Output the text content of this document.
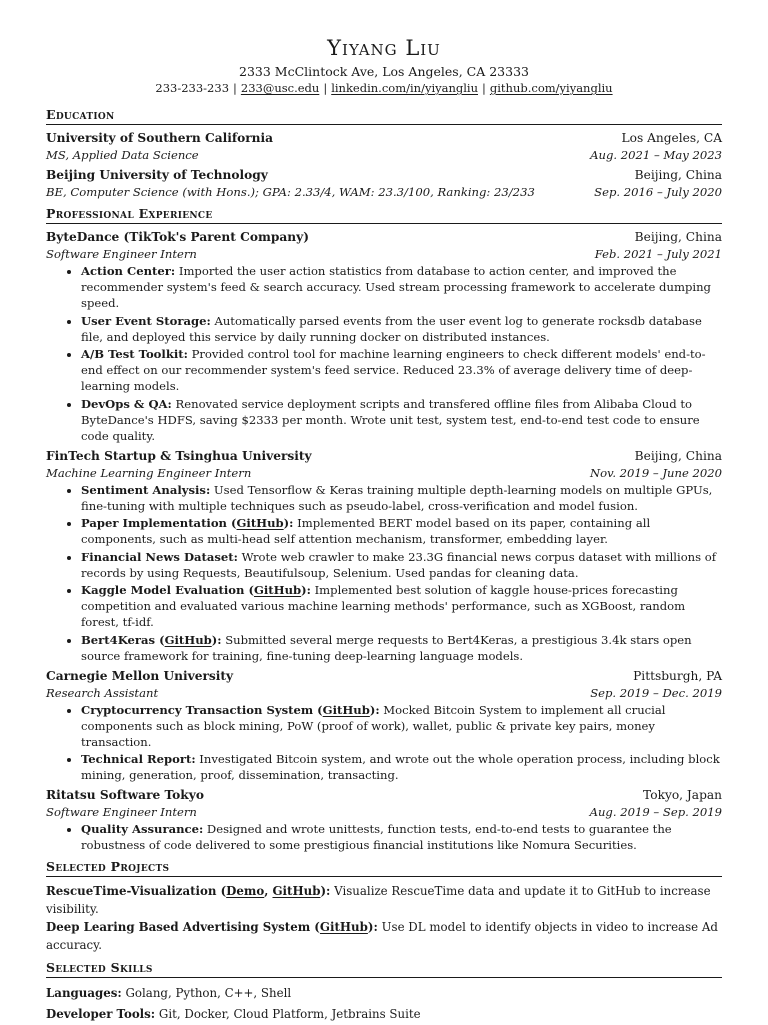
Yiyang Liu
2333 McClintock Ave, Los Angeles, CA 23333
233-233-233 | 233@usc.edu | linkedin.com/in/yiyangliu | github.com/yiyangliu
Education
University of Southern California	Los Angeles, CA
MS, Applied Data Science	Aug. 2021 – May 2023
Beijing University of Technology	Beijing, China
BE, Computer Science (with Hons.); GPA: 2.33/4, WAM: 23.3/100, Ranking: 23/233	Sep. 2016 – July 2020
Professional Experience
ByteDance (TikTok's Parent Company)	Beijing, China
Software Engineer Intern	Feb. 2021 – July 2021
• Action Center: Imported the user action statistics from database to action center, and improved the recommender system's feed & search accuracy. Used stream processing framework to accelerate dumping speed.
• User Event Storage: Automatically parsed events from the user event log to generate rocksdb database file, and deployed this service by daily running docker on distributed instances.
• A/B Test Toolkit: Provided control tool for machine learning engineers to check different models' end-to-end effect on our recommender system's feed service. Reduced 23.3% of average delivery time of deep-learning models.
• DevOps & QA: Renovated service deployment scripts and transfered offline files from Alibaba Cloud to ByteDance's HDFS, saving $2333 per month. Wrote unit test, system test, end-to-end test code to ensure code quality.
FinTech Startup & Tsinghua University	Beijing, China
Machine Learning Engineer Intern	Nov. 2019 – June 2020
• Sentiment Analysis: Used Tensorflow & Keras training multiple depth-learning models on multiple GPUs, fine-tuning with multiple techniques such as pseudo-label, cross-verification and model fusion.
• Paper Implementation (GitHub): Implemented BERT model based on its paper, containing all components, such as multi-head self attention mechanism, transformer, embedding layer.
• Financial News Dataset: Wrote web crawler to make 23.3G financial news corpus dataset with millions of records by using Requests, Beautifulsoup, Selenium. Used pandas for cleaning data.
• Kaggle Model Evaluation (GitHub): Implemented best solution of kaggle house-prices forecasting competition and evaluated various machine learning methods' performance, such as XGBoost, random forest, tf-idf.
• Bert4Keras (GitHub): Submitted several merge requests to Bert4Keras, a prestigious 3.4k stars open source framework for training, fine-tuning deep-learning language models.
Carnegie Mellon University	Pittsburgh, PA
Research Assistant	Sep. 2019 – Dec. 2019
• Cryptocurrency Transaction System (GitHub): Mocked Bitcoin System to implement all crucial components such as block mining, PoW (proof of work), wallet, public & private key pairs, money transaction.
• Technical Report: Investigated Bitcoin system, and wrote out the whole operation process, including block mining, generation, proof, dissemination, transacting.
Ritatsu Software Tokyo	Tokyo, Japan
Software Engineer Intern	Aug. 2019 – Sep. 2019
• Quality Assurance: Designed and wrote unittests, function tests, end-to-end tests to guarantee the robustness of code delivered to some prestigious financial institutions like Nomura Securities.
Selected Projects
RescueTime-Visualization (Demo, GitHub): Visualize RescueTime data and update it to GitHub to increase visibility.
Deep Learing Based Advertising System (GitHub): Use DL model to identify objects in video to increase Ad accuracy.
Selected Skills
Languages: Golang, Python, C++, Shell
Developer Tools: Git, Docker, Cloud Platform, Jetbrains Suite
